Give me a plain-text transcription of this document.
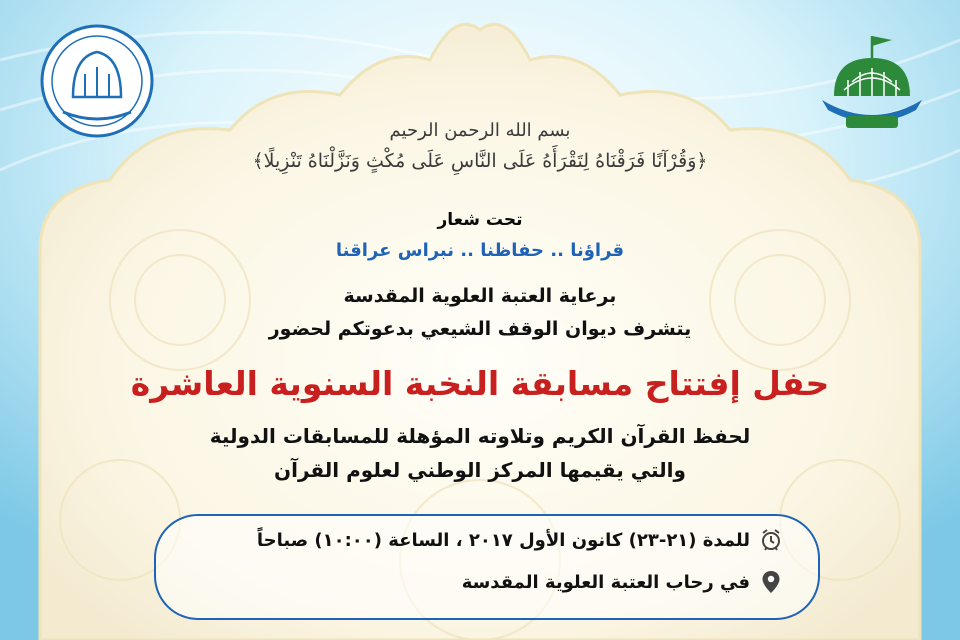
بسم الله الرحمن الرحيم
﴿وَقُرْآنًا فَرَقْنَاهُ لِتَقْرَأَهُ عَلَى النَّاسِ عَلَى مُكْثٍ وَنَزَّلْنَاهُ تَنْزِيلًا﴾
تحت شعار
قراؤنا .. حفاظنا .. نبراس عراقنا
برعاية العتبة العلوية المقدسة
يتشرف ديوان الوقف الشيعي بدعوتكم لحضور
حفل إفتتاح مسابقة النخبة السنوية العاشرة
لحفظ القرآن الكريم وتلاوته المؤهلة للمسابقات الدولية
والتي يقيمها المركز الوطني لعلوم القرآن
للمدة (٢١-٢٣) كانون الأول ٢٠١٧ ، الساعة (١٠:٠٠) صباحاً
في رحاب العتبة العلوية المقدسة
